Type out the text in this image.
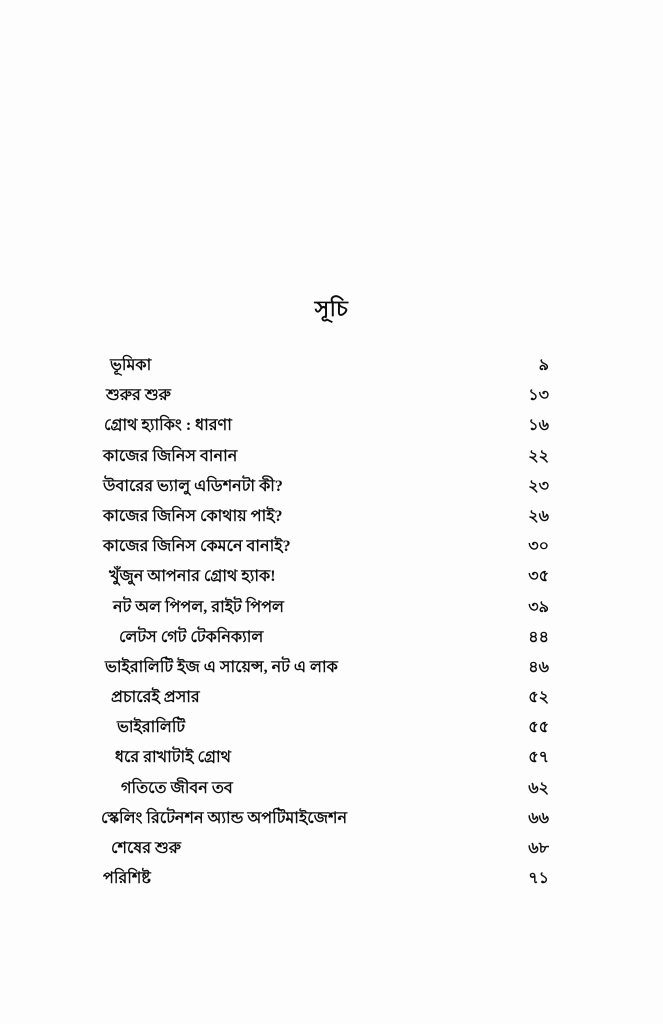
সূচি
ভূমিকা	৯
শুরুর শুরু	১৩
গ্রোথ হ্যাকিং : ধারণা	১৬
কাজের জিনিস বানান	২২
উবারের ভ্যালু এডিশনটা কী?	২৩
কাজের জিনিস কোথায় পাই?	২৬
কাজের জিনিস কেমনে বানাই?	৩০
খুঁজুন আপনার গ্রোথ হ্যাক!	৩৫
নট অল পিপল, রাইট পিপল	৩৯
লেটস গেট টেকনিক্যাল	৪৪
ভাইরালিটি ইজ এ সায়েন্স, নট এ লাক	৪৬
প্রচারেই প্রসার	৫২
ভাইরালিটি	৫৫
ধরে রাখাটাই গ্রোথ	৫৭
গতিতে জীবন তব	৬২
স্কেলিং রিটেনশন অ্যান্ড অপটিমাইজেশন	৬৬
শেষের শুরু	৬৮
পরিশিষ্ট	৭১
